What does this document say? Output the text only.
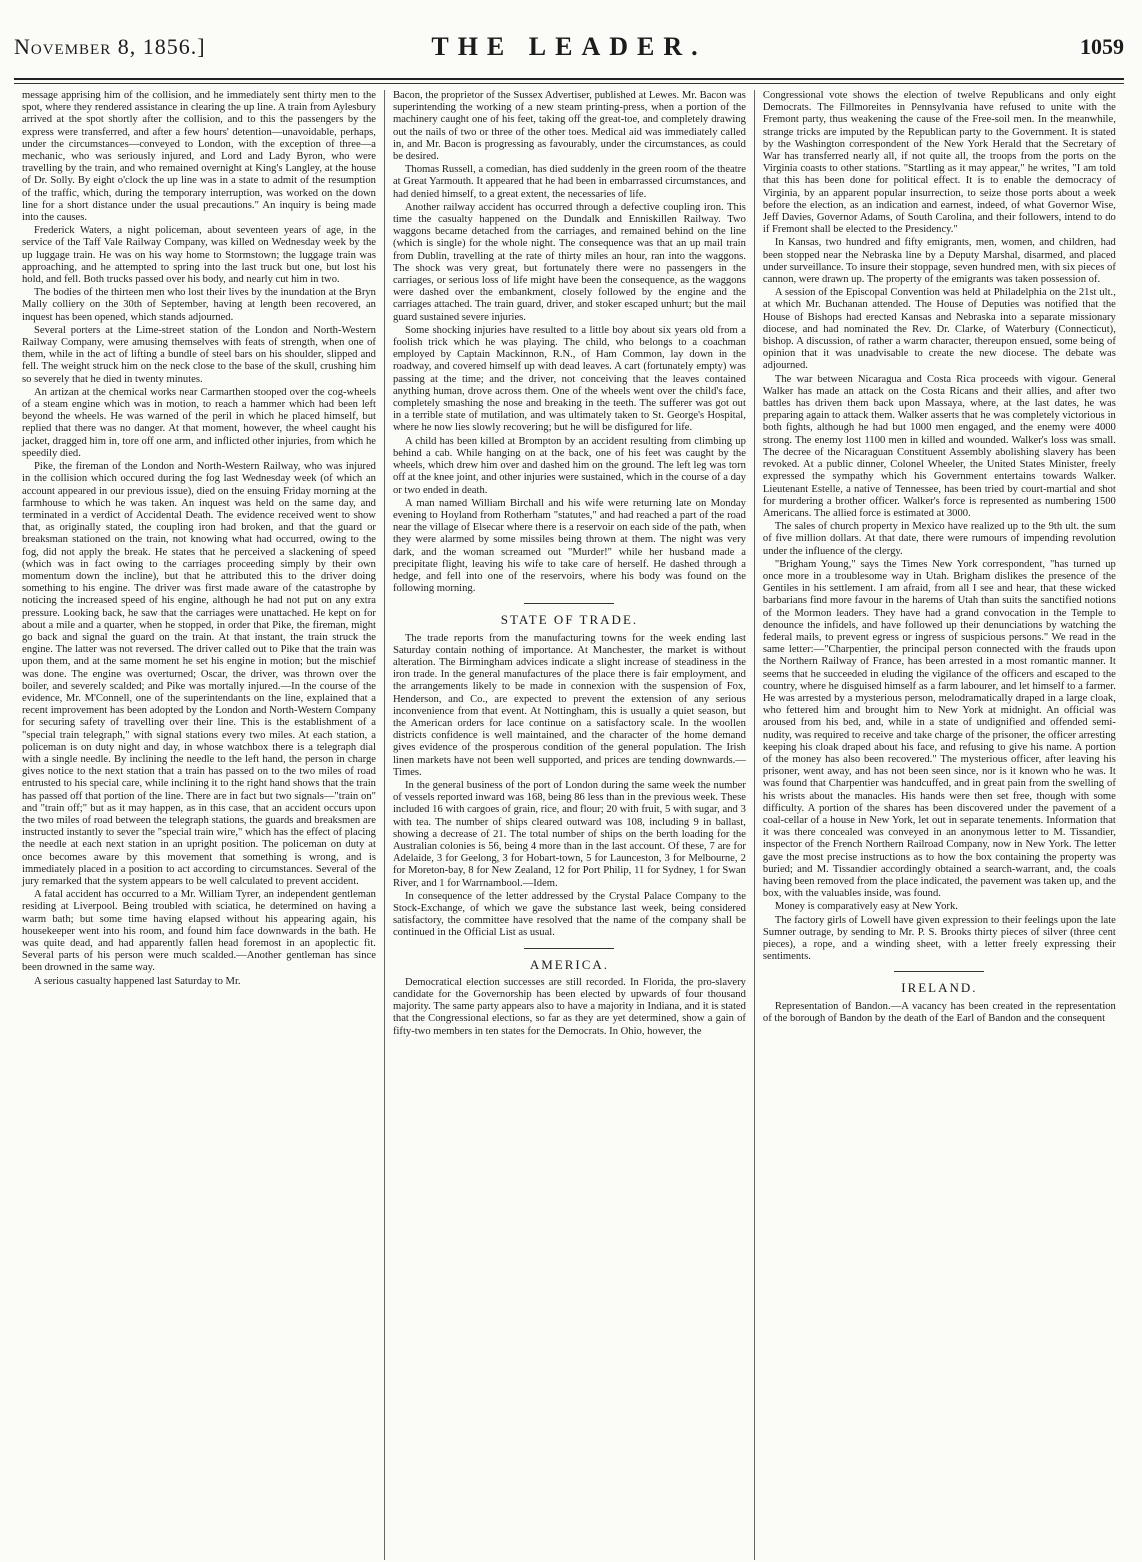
November 8, 1856.]	THE LEADER.	1059

message apprising him of the collision, and he immediately sent thirty men to the spot, where they rendered assistance in clearing the up line. A train from Aylesbury arrived at the spot shortly after the collision, and to this the passengers by the express were transferred, and after a few hours' detention—unavoidable, perhaps, under the circumstances—conveyed to London, with the exception of three—a mechanic, who was seriously injured, and Lord and Lady Byron, who were travelling by the train, and who remained overnight at King's Langley, at the house of Dr. Solly. By eight o'clock the up line was in a state to admit of the resumption of the traffic, which, during the temporary interruption, was worked on the down line for a short distance under the usual precautions." An inquiry is being made into the causes.

Frederick Waters, a night policeman, about seventeen years of age, in the service of the Taff Vale Railway Company, was killed on Wednesday week by the up luggage train. He was on his way home to Stormstown; the luggage train was approaching, and he attempted to spring into the last truck but one, but lost his hold, and fell. Both trucks passed over his body, and nearly cut him in two.

The bodies of the thirteen men who lost their lives by the inundation at the Bryn Mally colliery on the 30th of September, having at length been recovered, an inquest has been opened, which stands adjourned.

Several porters at the Lime-street station of the London and North-Western Railway Company, were amusing themselves with feats of strength, when one of them, while in the act of lifting a bundle of steel bars on his shoulder, slipped and fell. The weight struck him on the neck close to the base of the skull, crushing him so severely that he died in twenty minutes.

An artizan at the chemical works near Carmarthen stooped over the cog-wheels of a steam engine which was in motion, to reach a hammer which had been left beyond the wheels. He was warned of the peril in which he placed himself, but replied that there was no danger. At that moment, however, the wheel caught his jacket, dragged him in, tore off one arm, and inflicted other injuries, from which he speedily died.

Pike, the fireman of the London and North-Western Railway, who was injured in the collision which occured during the fog last Wednesday week (of which an account appeared in our previous issue), died on the ensuing Friday morning at the farmhouse to which he was taken. An inquest was held on the same day, and terminated in a verdict of Accidental Death. The evidence received went to show that, as originally stated, the coupling iron had broken, and that the guard or breaksman stationed on the train, not knowing what had occurred, owing to the fog, did not apply the break. He states that he perceived a slackening of speed (which was in fact owing to the carriages proceeding simply by their own momentum down the incline), but that he attributed this to the driver doing something to his engine. The driver was first made aware of the catastrophe by noticing the increased speed of his engine, although he had not put on any extra pressure. Looking back, he saw that the carriages were unattached. He kept on for about a mile and a quarter, when he stopped, in order that Pike, the fireman, might go back and signal the guard on the train. At that instant, the train struck the engine. The latter was not reversed. The driver called out to Pike that the train was upon them, and at the same moment he set his engine in motion; but the mischief was done. The engine was overturned; Oscar, the driver, was thrown over the boiler, and severely scalded; and Pike was mortally injured.—In the course of the evidence, Mr. M'Connell, one of the superintendants on the line, explained that a recent improvement has been adopted by the London and North-Western Company for securing safety of travelling over their line. This is the establishment of a "special train telegraph," with signal stations every two miles. At each station, a policeman is on duty night and day, in whose watchbox there is a telegraph dial with a single needle. By inclining the needle to the left hand, the person in charge gives notice to the next station that a train has passed on to the two miles of road entrusted to his special care, while inclining it to the right hand shows that the train has passed off that portion of the line. There are in fact but two signals—"train on" and "train off;" but as it may happen, as in this case, that an accident occurs upon the two miles of road between the telegraph stations, the guards and breaksmen are instructed instantly to sever the "special train wire," which has the effect of placing the needle at each next station in an upright position. The policeman on duty at once becomes aware by this movement that something is wrong, and is immediately placed in a position to act according to circumstances. Several of the jury remarked that the system appears to be well calculated to prevent accident.

A fatal accident has occurred to a Mr. William Tyrer, an independent gentleman residing at Liverpool. Being troubled with sciatica, he determined on having a warm bath; but some time having elapsed without his appearing again, his housekeeper went into his room, and found him face downwards in the bath. He was quite dead, and had apparently fallen head foremost in an apoplectic fit. Several parts of his person were much scalded.—Another gentleman has since been drowned in the same way.

A serious casualty happened last Saturday to Mr.

Bacon, the proprietor of the Sussex Advertiser, published at Lewes. Mr. Bacon was superintending the working of a new steam printing-press, when a portion of the machinery caught one of his feet, taking off the great-toe, and completely drawing out the nails of two or three of the other toes. Medical aid was immediately called in, and Mr. Bacon is progressing as favourably, under the circumstances, as could be desired.

Thomas Russell, a comedian, has died suddenly in the green room of the theatre at Great Yarmouth. It appeared that he had been in embarrassed circumstances, and had denied himself, to a great extent, the necessaries of life.

Another railway accident has occurred through a defective coupling iron. This time the casualty happened on the Dundalk and Enniskillen Railway. Two waggons became detached from the carriages, and remained behind on the line (which is single) for the whole night. The consequence was that an up mail train from Dublin, travelling at the rate of thirty miles an hour, ran into the waggons. The shock was very great, but fortunately there were no passengers in the carriages, or serious loss of life might have been the consequence, as the waggons were dashed over the embankment, closely followed by the engine and the carriages attached. The train guard, driver, and stoker escaped unhurt; but the mail guard sustained severe injuries.

Some shocking injuries have resulted to a little boy about six years old from a foolish trick which he was playing. The child, who belongs to a coachman employed by Captain Mackinnon, R.N., of Ham Common, lay down in the roadway, and covered himself up with dead leaves. A cart (fortunately empty) was passing at the time; and the driver, not conceiving that the leaves contained anything human, drove across them. One of the wheels went over the child's face, completely smashing the nose and breaking in the teeth. The sufferer was got out in a terrible state of mutilation, and was ultimately taken to St. George's Hospital, where he now lies slowly recovering; but he will be disfigured for life.

A child has been killed at Brompton by an accident resulting from climbing up behind a cab. While hanging on at the back, one of his feet was caught by the wheels, which drew him over and dashed him on the ground. The left leg was torn off at the knee joint, and other injuries were sustained, which in the course of a day or two ended in death.

A man named William Birchall and his wife were returning late on Monday evening to Hoyland from Rotherham "statutes," and had reached a part of the road near the village of Elsecar where there is a reservoir on each side of the path, when they were alarmed by some missiles being thrown at them. The night was very dark, and the woman screamed out "Murder!" while her husband made a precipitate flight, leaving his wife to take care of herself. He dashed through a hedge, and fell into one of the reservoirs, where his body was found on the following morning.

STATE OF TRADE.

The trade reports from the manufacturing towns for the week ending last Saturday contain nothing of importance. At Manchester, the market is without alteration. The Birmingham advices indicate a slight increase of steadiness in the iron trade. In the general manufactures of the place there is fair employment, and the arrangements likely to be made in connexion with the suspension of Fox, Henderson, and Co., are expected to prevent the extension of any serious inconvenience from that event. At Nottingham, this is usually a quiet season, but the American orders for lace continue on a satisfactory scale. In the woollen districts confidence is well maintained, and the character of the home demand gives evidence of the prosperous condition of the general population. The Irish linen markets have not been well supported, and prices are tending downwards.—Times.

In the general business of the port of London during the same week the number of vessels reported inward was 168, being 86 less than in the previous week. These included 16 with cargoes of grain, rice, and flour; 20 with fruit, 5 with sugar, and 3 with tea. The number of ships cleared outward was 108, including 9 in ballast, showing a decrease of 21. The total number of ships on the berth loading for the Australian colonies is 56, being 4 more than in the last account. Of these, 7 are for Adelaide, 3 for Geelong, 3 for Hobart-town, 5 for Launceston, 3 for Melbourne, 2 for Moreton-bay, 8 for New Zealand, 12 for Port Philip, 11 for Sydney, 1 for Swan River, and 1 for Warrnambool.—Idem.

In consequence of the letter addressed by the Crystal Palace Company to the Stock-Exchange, of which we gave the substance last week, being considered satisfactory, the committee have resolved that the name of the company shall be continued in the Official List as usual.

AMERICA.

Democratical election successes are still recorded. In Florida, the pro-slavery candidate for the Governorship has been elected by upwards of four thousand majority. The same party appears also to have a majority in Indiana, and it is stated that the Congressional elections, so far as they are yet determined, show a gain of fifty-two members in ten states for the Democrats. In Ohio, however, the

Congressional vote shows the election of twelve Republicans and only eight Democrats. The Fillmoreites in Pennsylvania have refused to unite with the Fremont party, thus weakening the cause of the Free-soil men. In the meanwhile, strange tricks are imputed by the Republican party to the Government. It is stated by the Washington correspondent of the New York Herald that the Secretary of War has transferred nearly all, if not quite all, the troops from the ports on the Virginia coasts to other stations. "Startling as it may appear," he writes, "I am told that this has been done for political effect. It is to enable the democracy of Virginia, by an apparent popular insurrection, to seize those ports about a week before the election, as an indication and earnest, indeed, of what Governor Wise, Jeff Davies, Governor Adams, of South Carolina, and their followers, intend to do if Fremont shall be elected to the Presidency."

In Kansas, two hundred and fifty emigrants, men, women, and children, had been stopped near the Nebraska line by a Deputy Marshal, disarmed, and placed under surveillance. To insure their stoppage, seven hundred men, with six pieces of cannon, were drawn up. The property of the emigrants was taken possession of.

A session of the Episcopal Convention was held at Philadelphia on the 21st ult., at which Mr. Buchanan attended. The House of Deputies was notified that the House of Bishops had erected Kansas and Nebraska into a separate missionary diocese, and had nominated the Rev. Dr. Clarke, of Waterbury (Connecticut), bishop. A discussion, of rather a warm character, thereupon ensued, some being of opinion that it was unadvisable to create the new diocese. The debate was adjourned.

The war between Nicaragua and Costa Rica proceeds with vigour. General Walker has made an attack on the Costa Ricans and their allies, and after two battles has driven them back upon Massaya, where, at the last dates, he was preparing again to attack them. Walker asserts that he was completely victorious in both fights, although he had but 1000 men engaged, and the enemy were 4000 strong. The enemy lost 1100 men in killed and wounded. Walker's loss was small. The decree of the Nicaraguan Constituent Assembly abolishing slavery has been revoked. At a public dinner, Colonel Wheeler, the United States Minister, freely expressed the sympathy which his Government entertains towards Walker. Lieutenant Estelle, a native of Tennessee, has been tried by court-martial and shot for murdering a brother officer. Walker's force is represented as numbering 1500 Americans. The allied force is estimated at 3000.

The sales of church property in Mexico have realized up to the 9th ult. the sum of five million dollars. At that date, there were rumours of impending revolution under the influence of the clergy.

"Brigham Young," says the Times New York correspondent, "has turned up once more in a troublesome way in Utah. Brigham dislikes the presence of the Gentiles in his settlement. I am afraid, from all I see and hear, that these wicked barbarians find more favour in the harems of Utah than suits the sanctified notions of the Mormon leaders. They have had a grand convocation in the Temple to denounce the infidels, and have followed up their denunciations by watching the federal mails, to prevent egress or ingress of suspicious persons." We read in the same letter:—"Charpentier, the principal person connected with the frauds upon the Northern Railway of France, has been arrested in a most romantic manner. It seems that he succeeded in eluding the vigilance of the officers and escaped to the country, where he disguised himself as a farm labourer, and let himself to a farmer. He was arrested by a mysterious person, melodramatically draped in a large cloak, who fettered him and brought him to New York at midnight. An official was aroused from his bed, and, while in a state of undignified and offended semi-nudity, was required to receive and take charge of the prisoner, the officer arresting keeping his cloak draped about his face, and refusing to give his name. A portion of the money has also been recovered." The mysterious officer, after leaving his prisoner, went away, and has not been seen since, nor is it known who he was. It was found that Charpentier was handcuffed, and in great pain from the swelling of his wrists about the manacles. His hands were then set free, though with some difficulty. A portion of the shares has been discovered under the pavement of a coal-cellar of a house in New York, let out in separate tenements. Information that it was there concealed was conveyed in an anonymous letter to M. Tissandier, inspector of the French Northern Railroad Company, now in New York. The letter gave the most precise instructions as to how the box containing the property was buried; and M. Tissandier accordingly obtained a search-warrant, and, the coals having been removed from the place indicated, the pavement was taken up, and the box, with the valuables inside, was found.

Money is comparatively easy at New York.

The factory girls of Lowell have given expression to their feelings upon the late Sumner outrage, by sending to Mr. P. S. Brooks thirty pieces of silver (three cent pieces), a rope, and a winding sheet, with a letter freely expressing their sentiments.

IRELAND.

Representation of Bandon.—A vacancy has been created in the representation of the borough of Bandon by the death of the Earl of Bandon and the consequent
